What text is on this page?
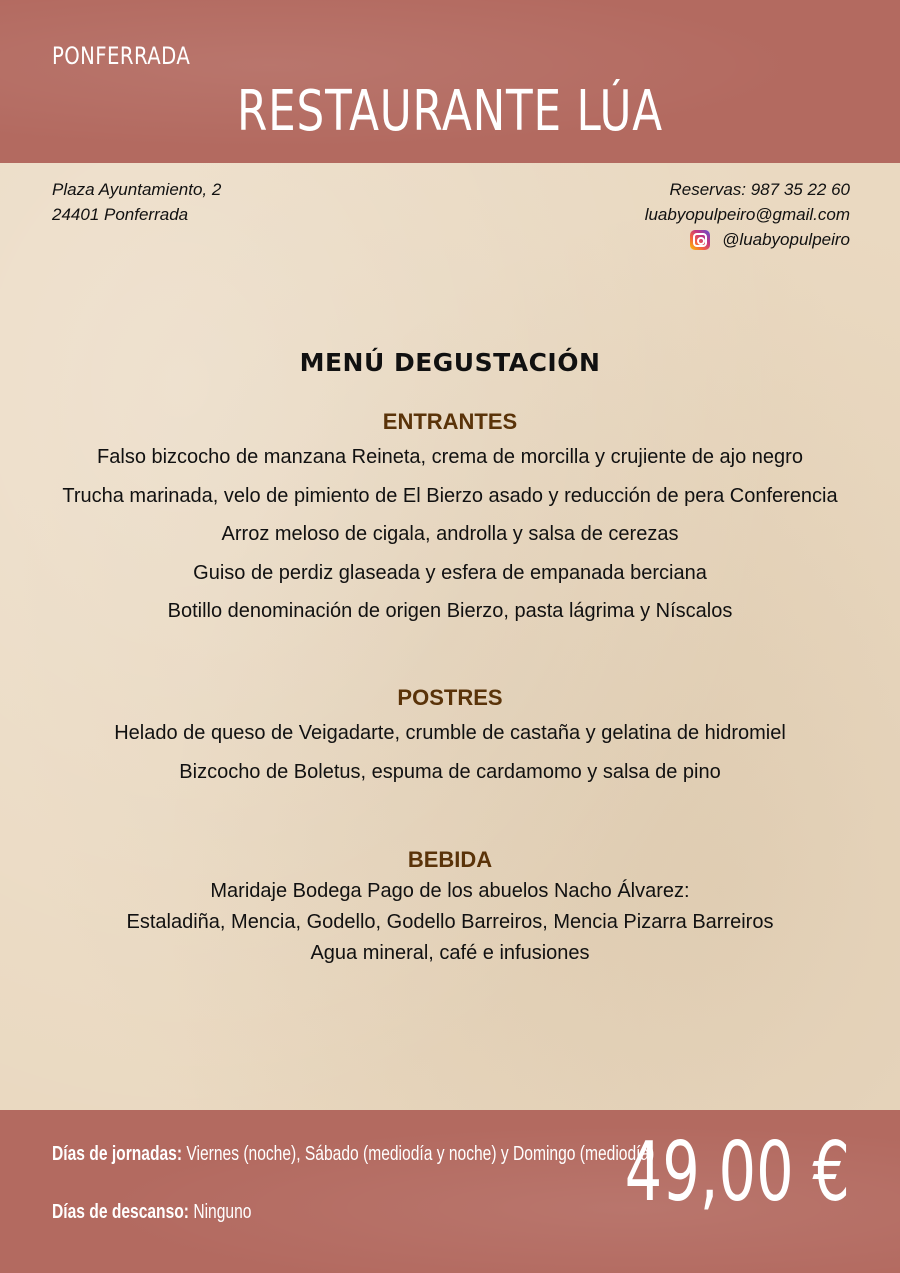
PONFERRADA
RESTAURANTE LÚA
Plaza Ayuntamiento, 2
24401 Ponferrada
Reservas: 987 35 22 60
luabyopulpeiro@gmail.com
@luabyopulpeiro
MENÚ DEGUSTACIÓN
ENTRANTES
Falso bizcocho de manzana Reineta, crema de morcilla y crujiente de ajo negro
Trucha marinada, velo de pimiento de El Bierzo asado y reducción de pera Conferencia
Arroz meloso de cigala, androlla y salsa de cerezas
Guiso de perdiz glaseada y esfera de empanada berciana
Botillo denominación de origen Bierzo, pasta lágrima y Níscalos
POSTRES
Helado de queso de Veigadarte, crumble de castaña y gelatina de hidromiel
Bizcocho de Boletus, espuma de cardamomo y salsa de pino
BEBIDA
Maridaje Bodega Pago de los abuelos Nacho Álvarez:
Estaladiña, Mencia, Godello, Godello Barreiros, Mencia Pizarra Barreiros
Agua mineral, café e infusiones
Días de jornadas: Viernes (noche), Sábado (mediodía y noche) y Domingo (mediodía)
Días de descanso: Ninguno	49,00 €
